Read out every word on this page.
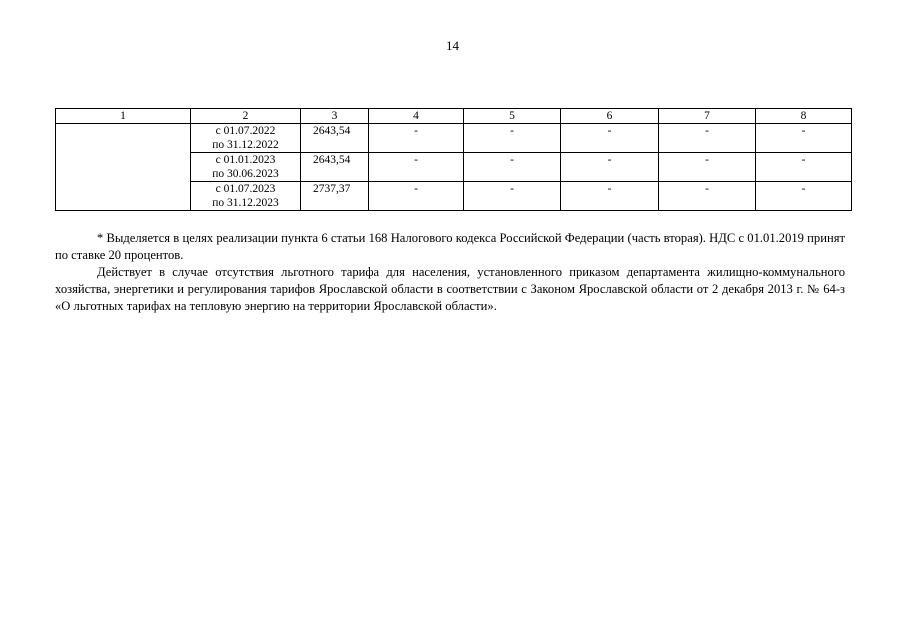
14
1	2	3	4	5	6	7	8

	с 01.07.2022
по 31.12.2022	2643,54	-	-	-	-	-

	с 01.01.2023
по 30.06.2023	2643,54	-	-	-	-	-

	с 01.07.2023
по 31.12.2023	2737,37	-	-	-	-	-

* Выделяется в целях реализации пункта 6 статьи 168 Налогового кодекса Российской Федерации (часть вторая). НДС с 01.01.2019 принят по ставке 20 процентов.

Действует в случае отсутствия льготного тарифа для населения, установленного приказом департамента жилищно-коммунального хозяйства, энергетики и регулирования тарифов Ярославской области в соответствии с Законом Ярославской области от 2 декабря 2013 г. № 64-з «О льготных тарифах на тепловую энергию на территории Ярославской области».
